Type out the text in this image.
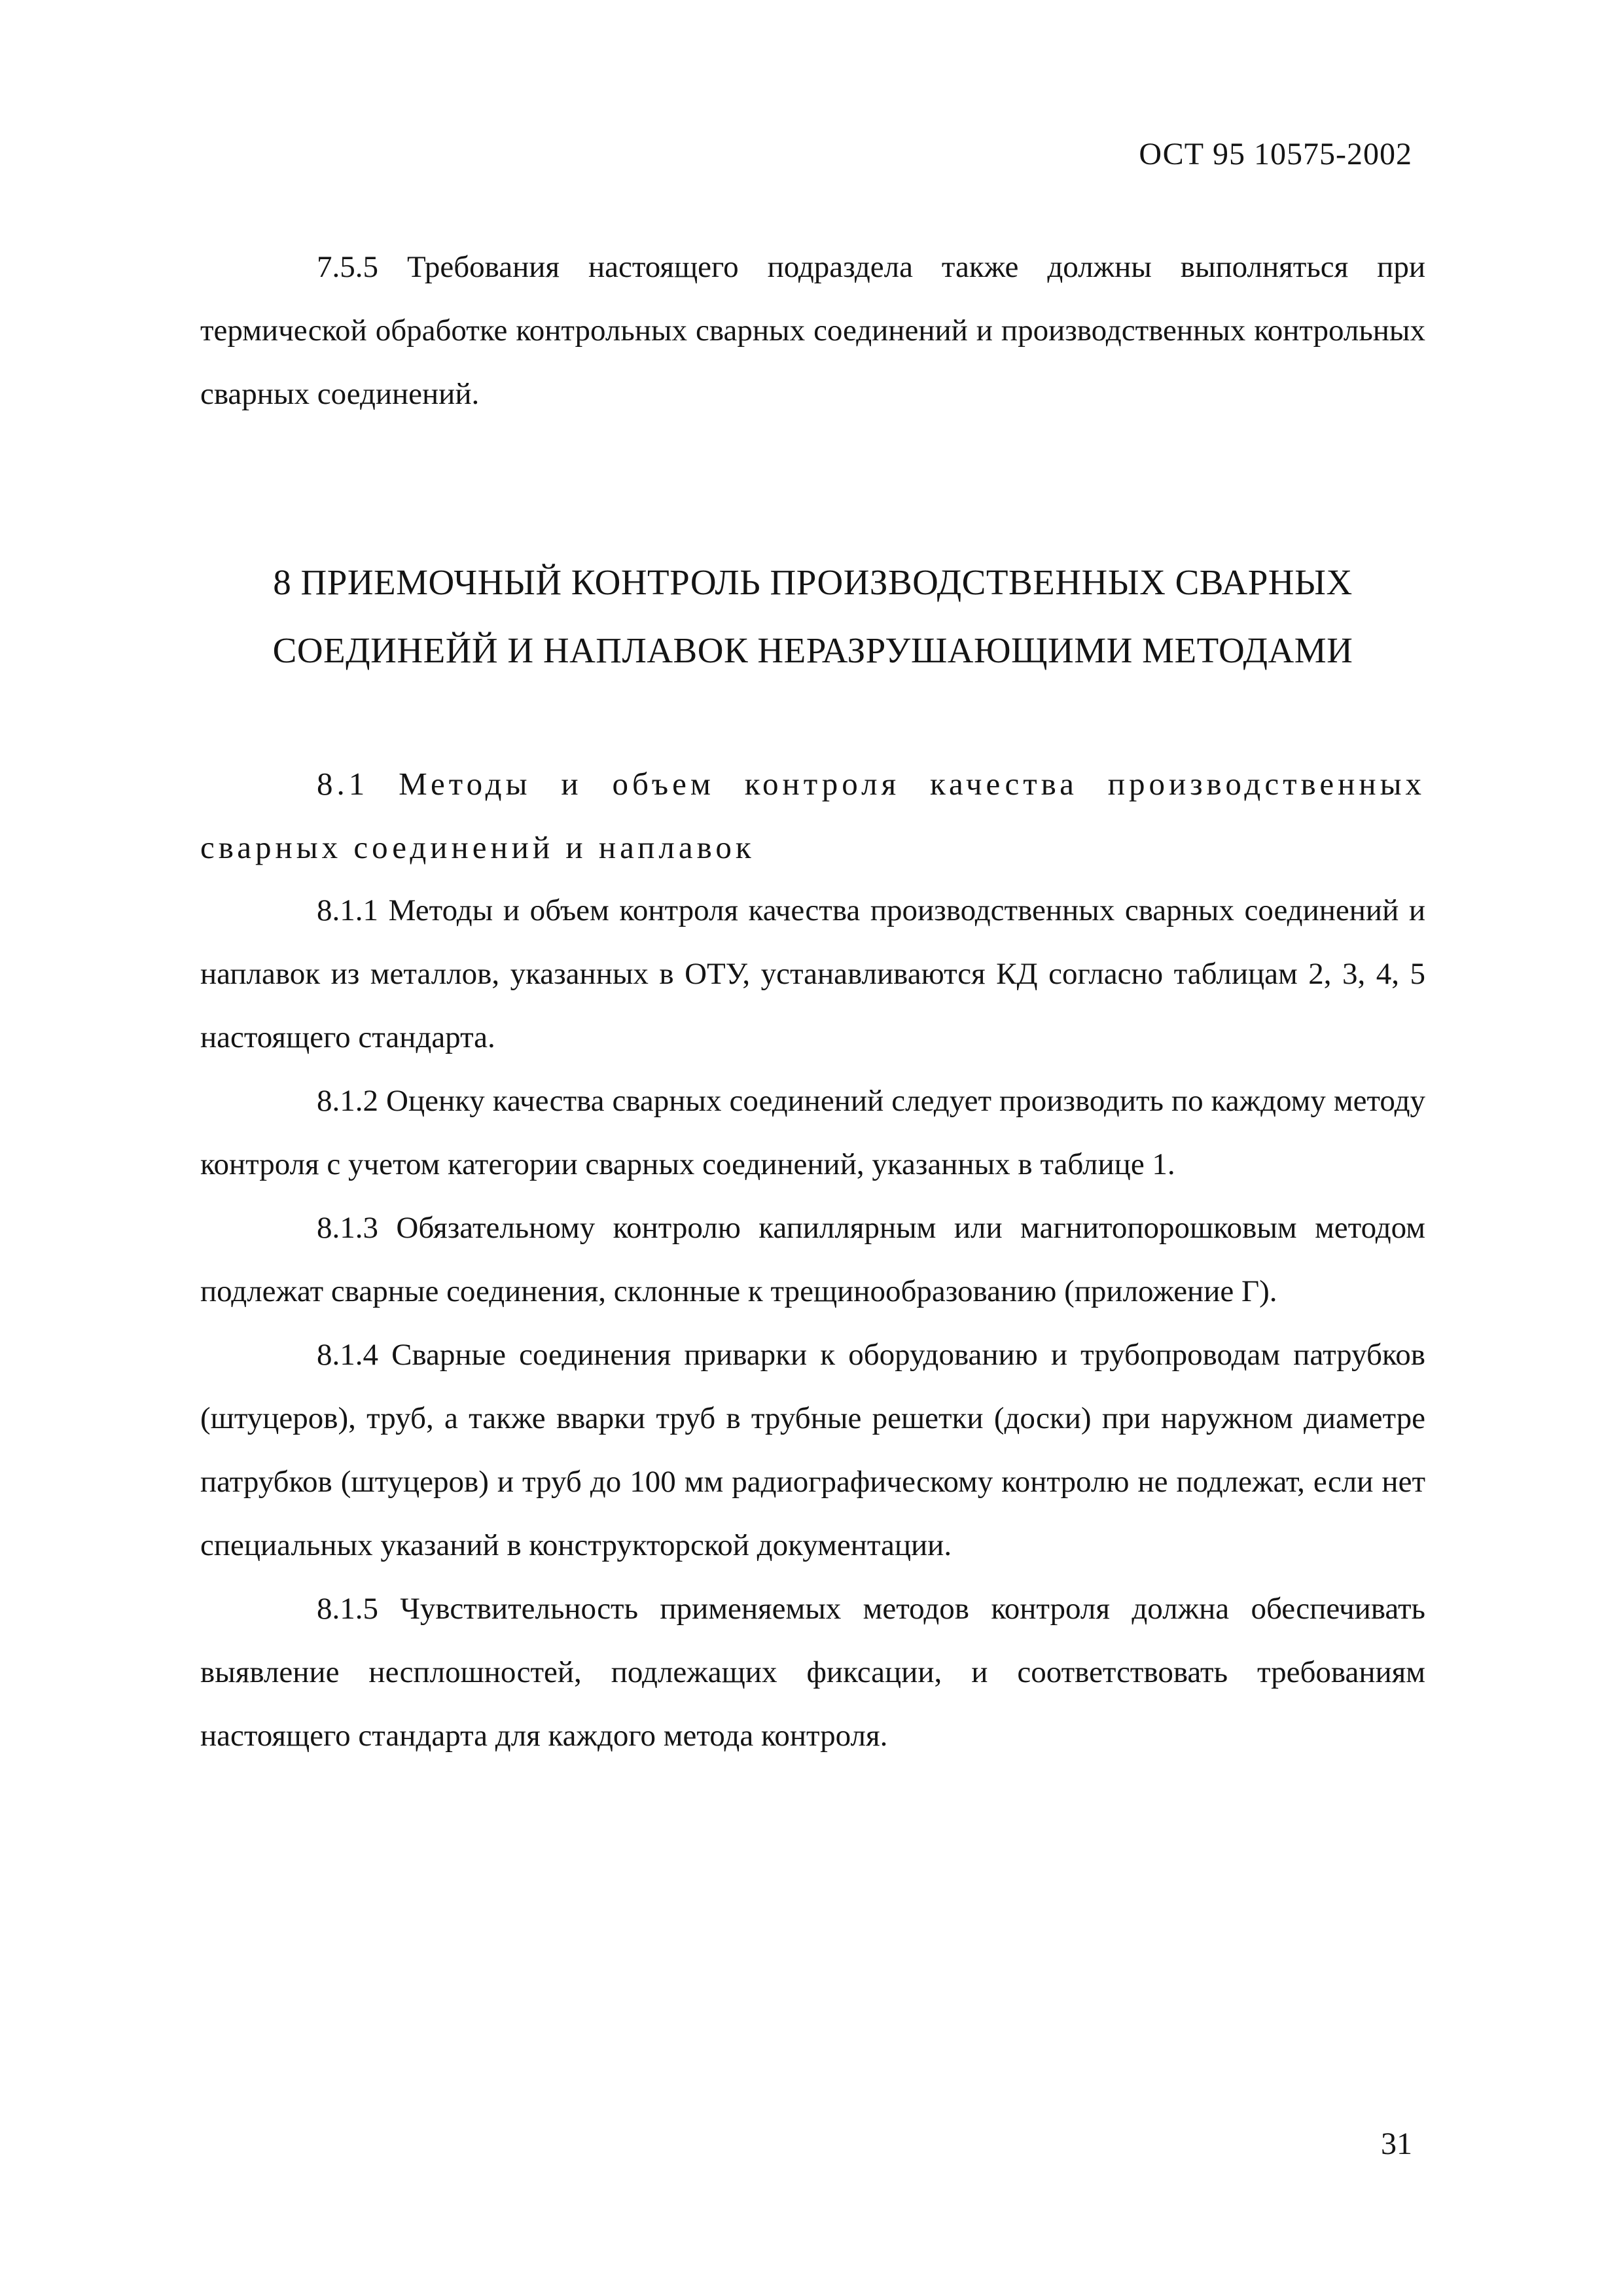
ОСТ 95 10575-2002

7.5.5 Требования настоящего подраздела также должны выполняться при термической обработке контрольных сварных соединений и производственных контрольных сварных соединений.

8 ПРИЕМОЧНЫЙ КОНТРОЛЬ ПРОИЗВОДСТВЕННЫХ СВАРНЫХ
СОЕДИНЕЙЙ И НАПЛАВОК НЕРАЗРУШАЮЩИМИ МЕТОДАМИ

8.1 Методы и объем контроля качества производственных сварных соединений и наплавок

8.1.1 Методы и объем контроля качества производственных сварных соединений и наплавок из металлов, указанных в ОТУ, устанавливаются КД согласно таблицам 2, 3, 4, 5 настоящего стандарта.

8.1.2 Оценку качества сварных соединений следует производить по каждому методу контроля с учетом категории сварных соединений, указанных в таблице 1.

8.1.3 Обязательному контролю капиллярным или магнитопорошковым методом подлежат сварные соединения, склонные к трещинообразованию (приложение Г).

8.1.4 Сварные соединения приварки к оборудованию и трубопроводам патрубков (штуцеров), труб, а также вварки труб в трубные решетки (доски) при наружном диаметре патрубков (штуцеров) и труб до 100 мм радиографическому контролю не подлежат, если нет специальных указаний в конструкторской документации.

8.1.5 Чувствительность применяемых методов контроля должна обеспечивать выявление несплошностей, подлежащих фиксации, и соответствовать требованиям настоящего стандарта для каждого метода контроля.

31
